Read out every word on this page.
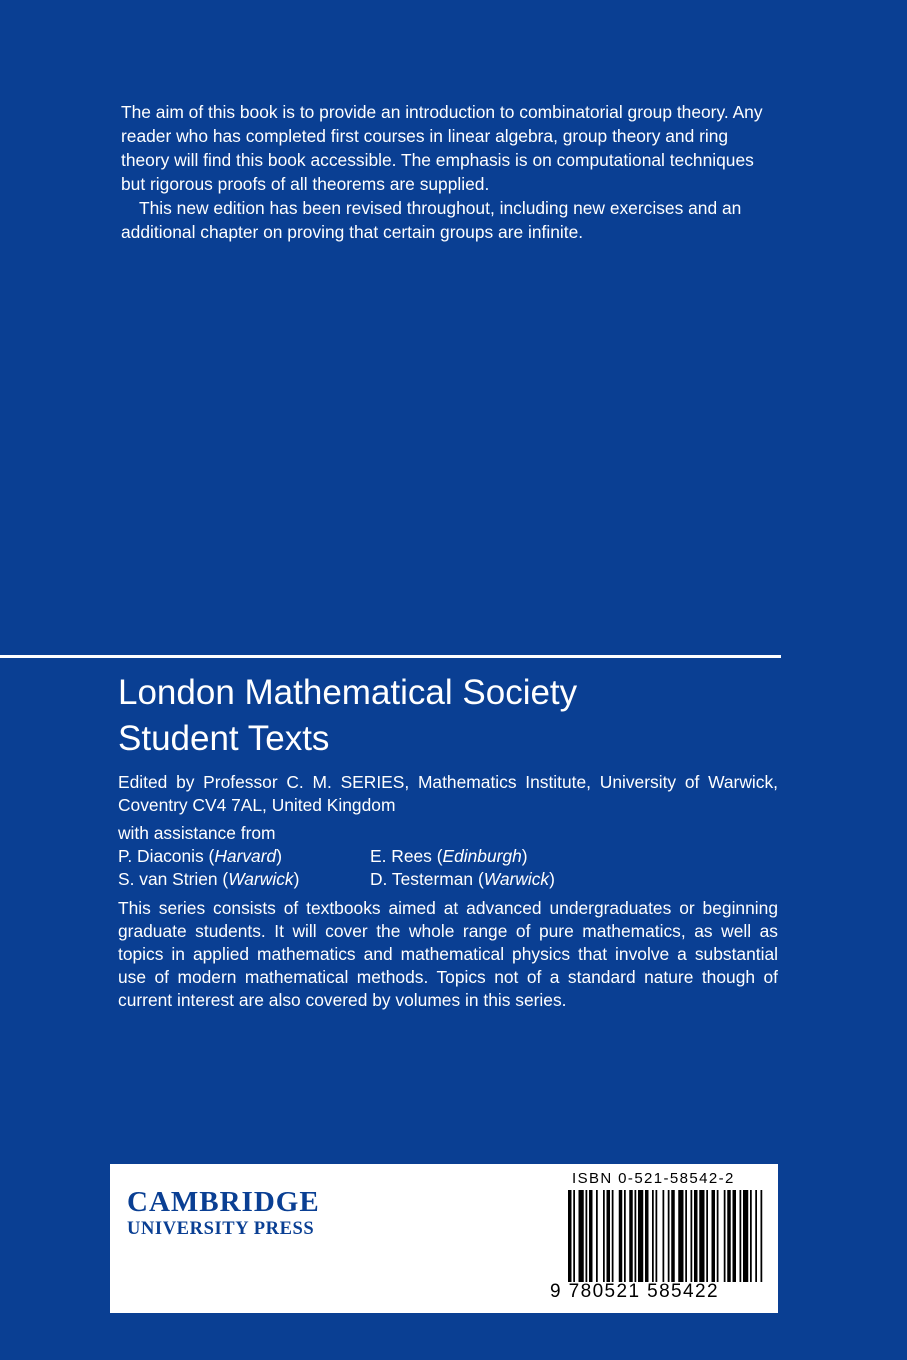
The aim of this book is to provide an introduction to combinatorial group theory. Any reader who has completed first courses in linear algebra, group theory and ring theory will find this book accessible. The emphasis is on computational techniques but rigorous proofs of all theorems are supplied.

This new edition has been revised throughout, including new exercises and an additional chapter on proving that certain groups are infinite.

London Mathematical Society
Student Texts
Edited by Professor C. M. SERIES, Mathematics Institute, University of Warwick, Coventry CV4 7AL, United Kingdom
with assistance from
P. Diaconis (Harvard)	E. Rees (Edinburgh)
S. van Strien (Warwick)	D. Testerman (Warwick)
This series consists of textbooks aimed at advanced undergraduates or beginning graduate students. It will cover the whole range of pure mathematics, as well as topics in applied mathematics and mathematical physics that involve a substantial use of modern mathematical methods. Topics not of a standard nature though of current interest are also covered by volumes in this series.
CAMBRIDGE
UNIVERSITY PRESS
ISBN 0-521-58542-2
9 780521 585422
